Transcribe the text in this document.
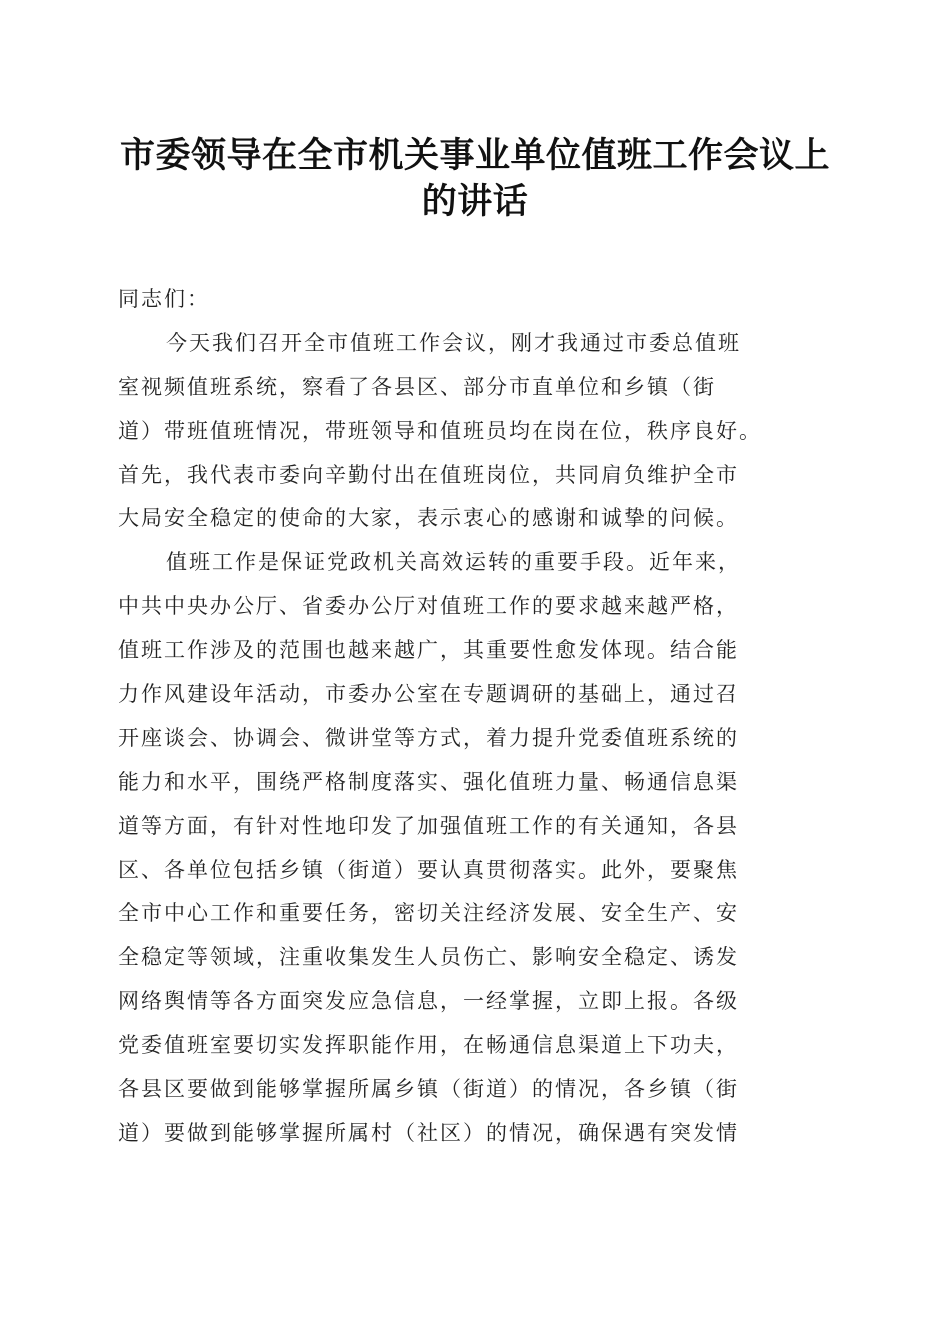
市委领导在全市机关事业单位值班工作会议上
的讲话
同志们：
今天我们召开全市值班工作会议，刚才我通过市委总值班
室视频值班系统，察看了各县区、部分市直单位和乡镇（街
道）带班值班情况，带班领导和值班员均在岗在位，秩序良好。
首先，我代表市委向辛勤付出在值班岗位，共同肩负维护全市
大局安全稳定的使命的大家，表示衷心的感谢和诚挚的问候。
值班工作是保证党政机关高效运转的重要手段。近年来，
中共中央办公厅、省委办公厅对值班工作的要求越来越严格，
值班工作涉及的范围也越来越广，其重要性愈发体现。结合能
力作风建设年活动，市委办公室在专题调研的基础上，通过召
开座谈会、协调会、微讲堂等方式，着力提升党委值班系统的
能力和水平，围绕严格制度落实、强化值班力量、畅通信息渠
道等方面，有针对性地印发了加强值班工作的有关通知，各县
区、各单位包括乡镇（街道）要认真贯彻落实。此外，要聚焦
全市中心工作和重要任务，密切关注经济发展、安全生产、安
全稳定等领域，注重收集发生人员伤亡、影响安全稳定、诱发
网络舆情等各方面突发应急信息，一经掌握，立即上报。各级
党委值班室要切实发挥职能作用，在畅通信息渠道上下功夫，
各县区要做到能够掌握所属乡镇（街道）的情况，各乡镇（街
道）要做到能够掌握所属村（社区）的情况，确保遇有突发情
